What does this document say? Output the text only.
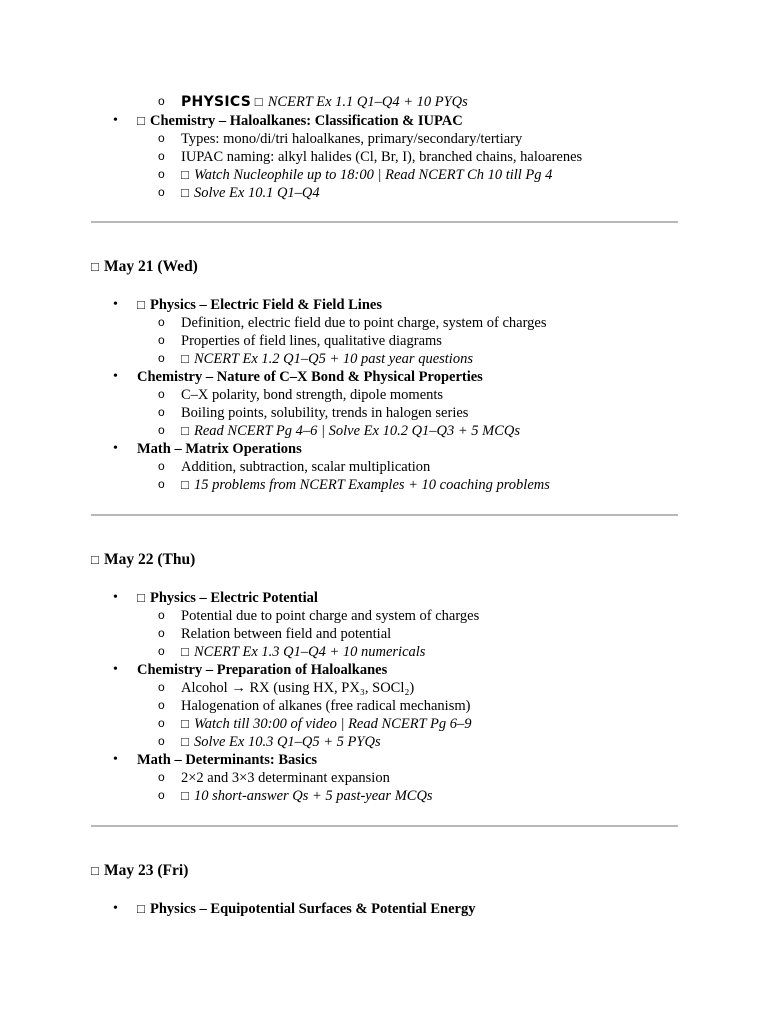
o PHYSICS □ NCERT Ex 1.1 Q1–Q4 + 10 PYQs
• □ Chemistry – Haloalkanes: Classification & IUPAC
o Types: mono/di/tri haloalkanes, primary/secondary/tertiary
o IUPAC naming: alkyl halides (Cl, Br, I), branched chains, haloarenes
o □ Watch Nucleophile up to 18:00 | Read NCERT Ch 10 till Pg 4
o □ Solve Ex 10.1 Q1–Q4
□ May 21 (Wed)
• □ Physics – Electric Field & Field Lines
o Definition, electric field due to point charge, system of charges
o Properties of field lines, qualitative diagrams
o □ NCERT Ex 1.2 Q1–Q5 + 10 past year questions
• Chemistry – Nature of C–X Bond & Physical Properties
o C–X polarity, bond strength, dipole moments
o Boiling points, solubility, trends in halogen series
o □ Read NCERT Pg 4–6 | Solve Ex 10.2 Q1–Q3 + 5 MCQs
• Math – Matrix Operations
o Addition, subtraction, scalar multiplication
o □ 15 problems from NCERT Examples + 10 coaching problems
□ May 22 (Thu)
• □ Physics – Electric Potential
o Potential due to point charge and system of charges
o Relation between field and potential
o □ NCERT Ex 1.3 Q1–Q4 + 10 numericals
• Chemistry – Preparation of Haloalkanes
o Alcohol → RX (using HX, PX₃, SOCl₂)
o Halogenation of alkanes (free radical mechanism)
o □ Watch till 30:00 of video | Read NCERT Pg 6–9
o □ Solve Ex 10.3 Q1–Q5 + 5 PYQs
• Math – Determinants: Basics
o 2×2 and 3×3 determinant expansion
o □ 10 short-answer Qs + 5 past-year MCQs
□ May 23 (Fri)
• □ Physics – Equipotential Surfaces & Potential Energy
